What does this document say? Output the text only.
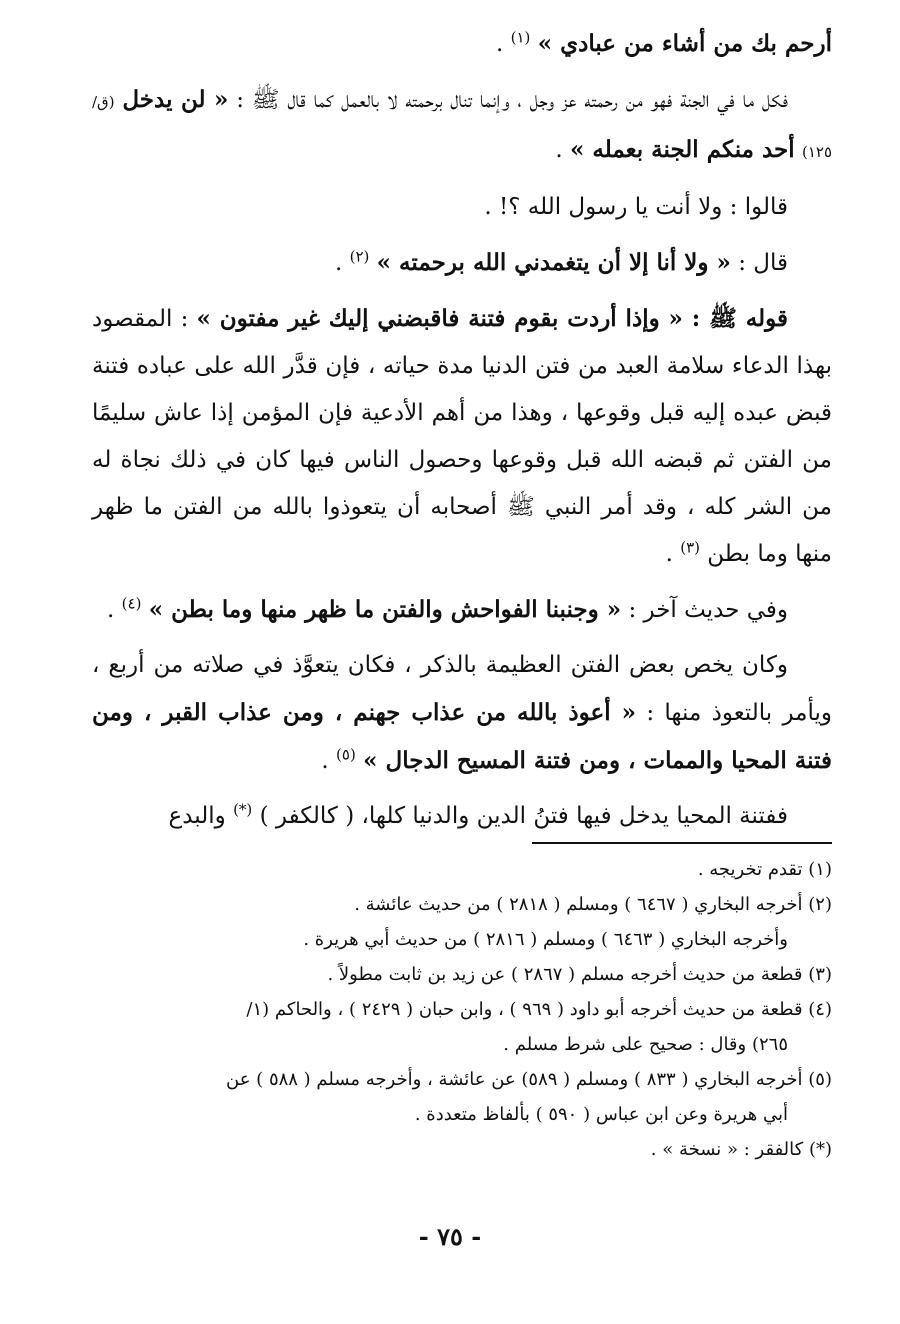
أرحم بك من أشاء من عبادي » $^{(١)}$ .

فكل ما في الجنة فهو من رحمته عز وجل ، وإنما تنال برحمته لا بالعمل كما قال ﷺ : « لن يدخل (ق/ ١٢٥) أحد منكم الجنة بعمله » .

قالوا : ولا أنت يا رسول الله ؟! .

قال : « ولا أنا إلا أن يتغمدني الله برحمته » $^{(٢)}$ .

قوله ﷺ : « وإذا أردت بقوم فتنة فاقبضني إليك غير مفتون » : المقصود بهذا الدعاء سلامة العبد من فتن الدنيا مدة حياته ، فإن قدَّر الله على عباده فتنة قبض عبده إليه قبل وقوعها ، وهذا من أهم الأدعية فإن المؤمن إذا عاش سليمًا من الفتن ثم قبضه الله قبل وقوعها وحصول الناس فيها كان في ذلك نجاة له من الشر كله ، وقد أمر النبي ﷺ أصحابه أن يتعوذوا بالله من الفتن ما ظهر منها وما بطن $^{(٣)}$ .

وفي حديث آخر : « وجنبنا الفواحش والفتن ما ظهر منها وما بطن » $^{(٤)}$ .

وكان يخص بعض الفتن العظيمة بالذكر ، فكان يتعوَّذ في صلاته من أربع ، ويأمر بالتعوذ منها : « أعوذ بالله من عذاب جهنم ، ومن عذاب القبر ، ومن فتنة المحيا والممات ، ومن فتنة المسيح الدجال » $^{(٥)}$ .

ففتنة المحيا يدخل فيها فتنُ الدين والدنيا كلها، ( كالكفر ) (*) والبدع

(١) تقدم تخريجه .

(٢) أخرجه البخاري ( ٦٤٦٧ ) ومسلم ( ٢٨١٨ ) من حديث عائشة .

وأخرجه البخاري ( ٦٤٦٣ ) ومسلم ( ٢٨١٦ ) من حديث أبي هريرة .

(٣) قطعة من حديث أخرجه مسلم ( ٢٨٦٧ ) عن زيد بن ثابت مطولاً .

(٤) قطعة من حديث أخرجه أبو داود ( ٩٦٩ ) ، وابن حبان ( ٢٤٢٩ ) ، والحاكم (١/

٢٦٥) وقال : صحيح على شرط مسلم .

(٥) أخرجه البخاري ( ٨٣٣ ) ومسلم ( ٥٨٩) عن عائشة ، وأخرجه مسلم ( ٥٨٨ ) عن

أبي هريرة وعن ابن عباس ( ٥٩٠ ) بألفاظ متعددة .

(*) كالفقر : « نسخة » .

- ٧٥ -
